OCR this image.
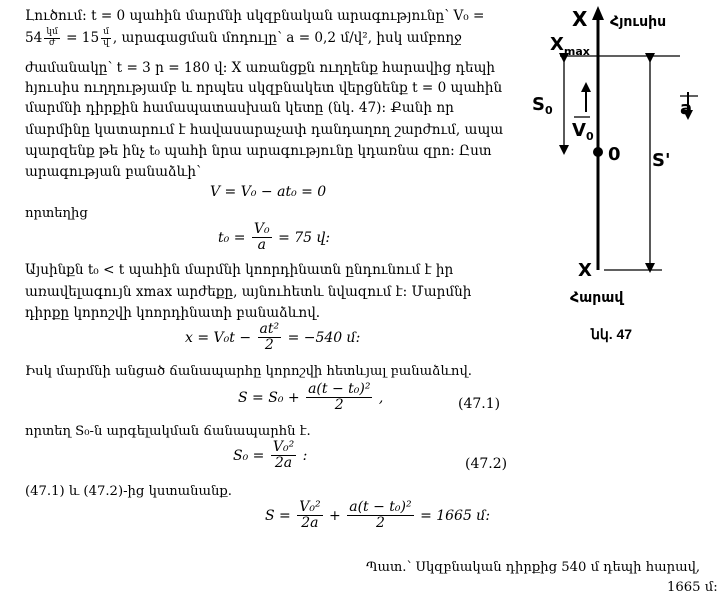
Լուծում: t = 0 պահին մարմնի սկզբնական արագությունը՝ V₀ =
$54 \frac{\text{կմ}}{\text{ժ}} = 15 \frac{\text{մ}}{\text{վ}}$ , արագացման մոդուլը՝ a = 0,2 մ/վ², իսկ ամբողջ
ժամանակը՝ t = 3 ր = 180 վ: X առանցքն ուղղենք հարավից դեպի
հյուսիս ուղղությամբ և որպես սկզբնակետ վերցնենք t = 0 պահին
մարմնի դիրքին համապատասխան կետը (նկ. 47): Քանի որ
մարմինը կատարում է հավասարաչափ դանդաղող շարժում, ապա
պարզենք թե ինչ t₀ պահի նրա արագությունը կդառնա զրո: Ըստ
արագության բանաձևի՝
V = V₀ − at₀ = 0
որտեղից
$t_0 = \frac{\text{V₀}}{a} = 75$ վ:
Այսինքն t₀ < t պահին մարմնի կոորդինատն ընդունում է իր
առավելագույն xmax արժեքը, այնուհետև նվազում է: Մարմնի
դիրքը կորոշվի կոորդինատի բանաձևով.
$x = V_0t - \frac{\text{at²}}{2} = -540$ մ:
Իսկ մարմնի անցած ճանապարհը կորոշվի հետևյալ բանաձևով.
$S = S_0 + \frac{\text{a(t − t₀)²}}{2}$ ,	(47.1)
որտեղ S₀-ն արգելակման ճանապարհն է.
$S_0 = \frac{\text{V₀²}}{2a}$ :
(47.2)
(47.1) և (47.2)-ից կստանանք.
$S = \frac{\text{V₀²}}{2a} + \frac{\text{a(t − t₀)²}}{2} = 1665$ մ:
Պատ.՝ Սկզբնական դիրքից 540 մ դեպի հարավ,
1665 մ:
X Հյուսիս
$X_{max}$
$S_0$
$V_0$
0
a
S'
X
Հարավ
նկ. 47
